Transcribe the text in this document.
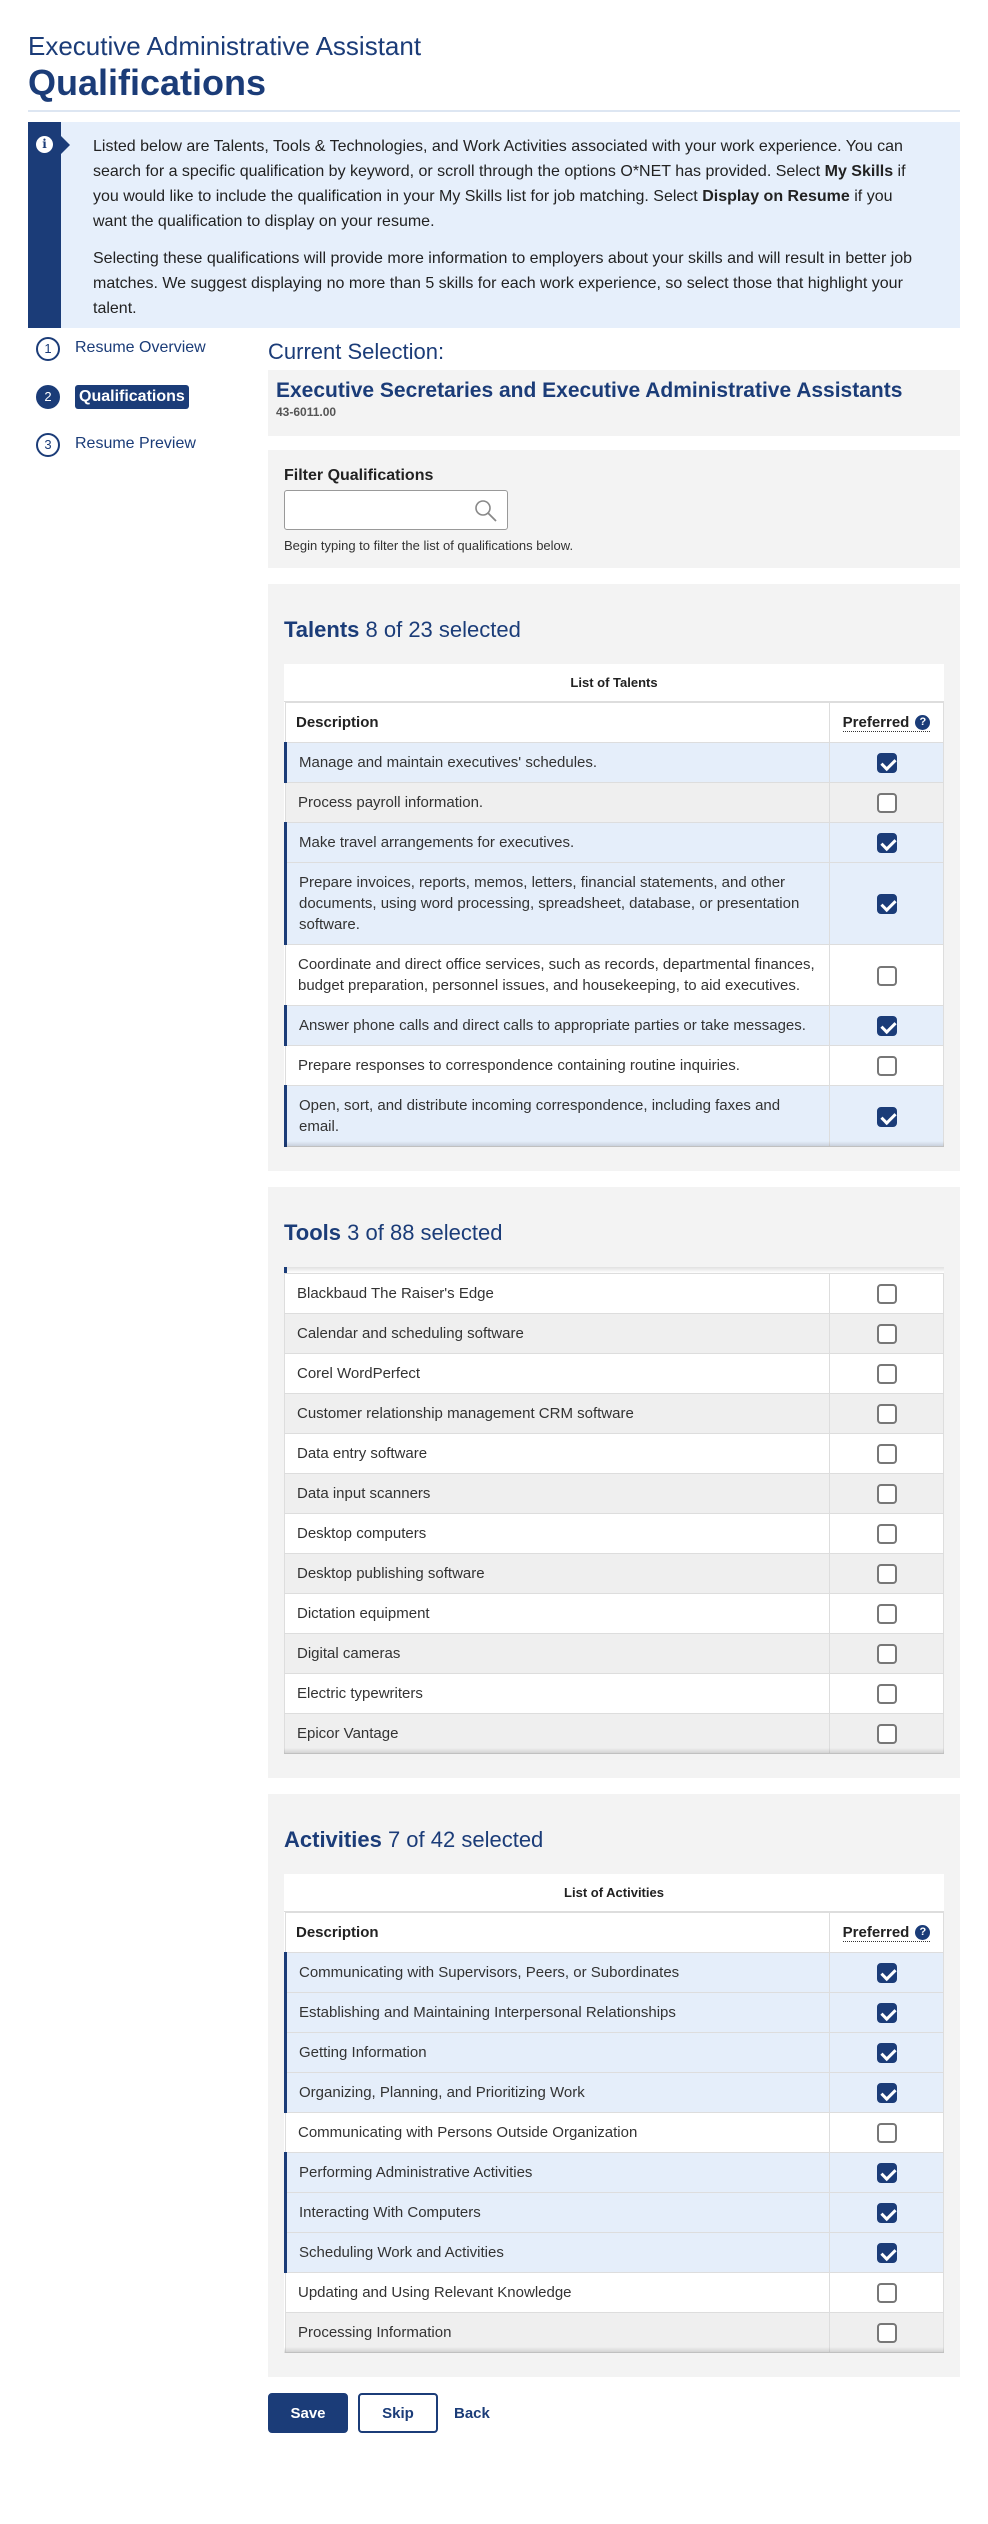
Executive Administrative Assistant
Qualifications
i	Listed below are Talents, Tools & Technologies, and Work Activities associated with your work experience. You can search for a specific qualification by keyword, or scroll through the options O*NET has provided. Select My Skills if you would like to include the qualification in your My Skills list for job matching. Select Display on Resume if you want the qualification to display on your resume.

Selecting these qualifications will provide more information to employers about your skills and will result in better job matches. We suggest displaying no more than 5 skills for each work experience, so select those that highlight your talent.

1	Resume Overview
2	Qualifications
3	Resume Preview
Current Selection:
Executive Secretaries and Executive Administrative Assistants
43-6011.00
Filter Qualifications
Begin typing to filter the list of qualifications below.
Talents 8 of 23 selected
List of Talents
Description	Preferred ?

Manage and maintain executives' schedules.	
Process payroll information.	
Make travel arrangements for executives.	
Prepare invoices, reports, memos, letters, financial statements, and other documents, using word processing, spreadsheet, database, or presentation software.	
Coordinate and direct office services, such as records, departmental finances, budget preparation, personnel issues, and housekeeping, to aid executives.	
Answer phone calls and direct calls to appropriate parties or take messages.	
Prepare responses to correspondence containing routine inquiries.	
Open, sort, and distribute incoming correspondence, including faxes and email.	
Tools 3 of 88 selected
Blackbaud The Raiser's Edge	
Calendar and scheduling software	
Corel WordPerfect	
Customer relationship management CRM software	
Data entry software	
Data input scanners	
Desktop computers	
Desktop publishing software	
Dictation equipment	
Digital cameras	
Electric typewriters	
Epicor Vantage	
Activities 7 of 42 selected
List of Activities
Description	Preferred ?

Communicating with Supervisors, Peers, or Subordinates	
Establishing and Maintaining Interpersonal Relationships	
Getting Information	
Organizing, Planning, and Prioritizing Work	
Communicating with Persons Outside Organization	
Performing Administrative Activities	
Interacting With Computers	
Scheduling Work and Activities	
Updating and Using Relevant Knowledge	
Processing Information	
Save	Skip	Back
